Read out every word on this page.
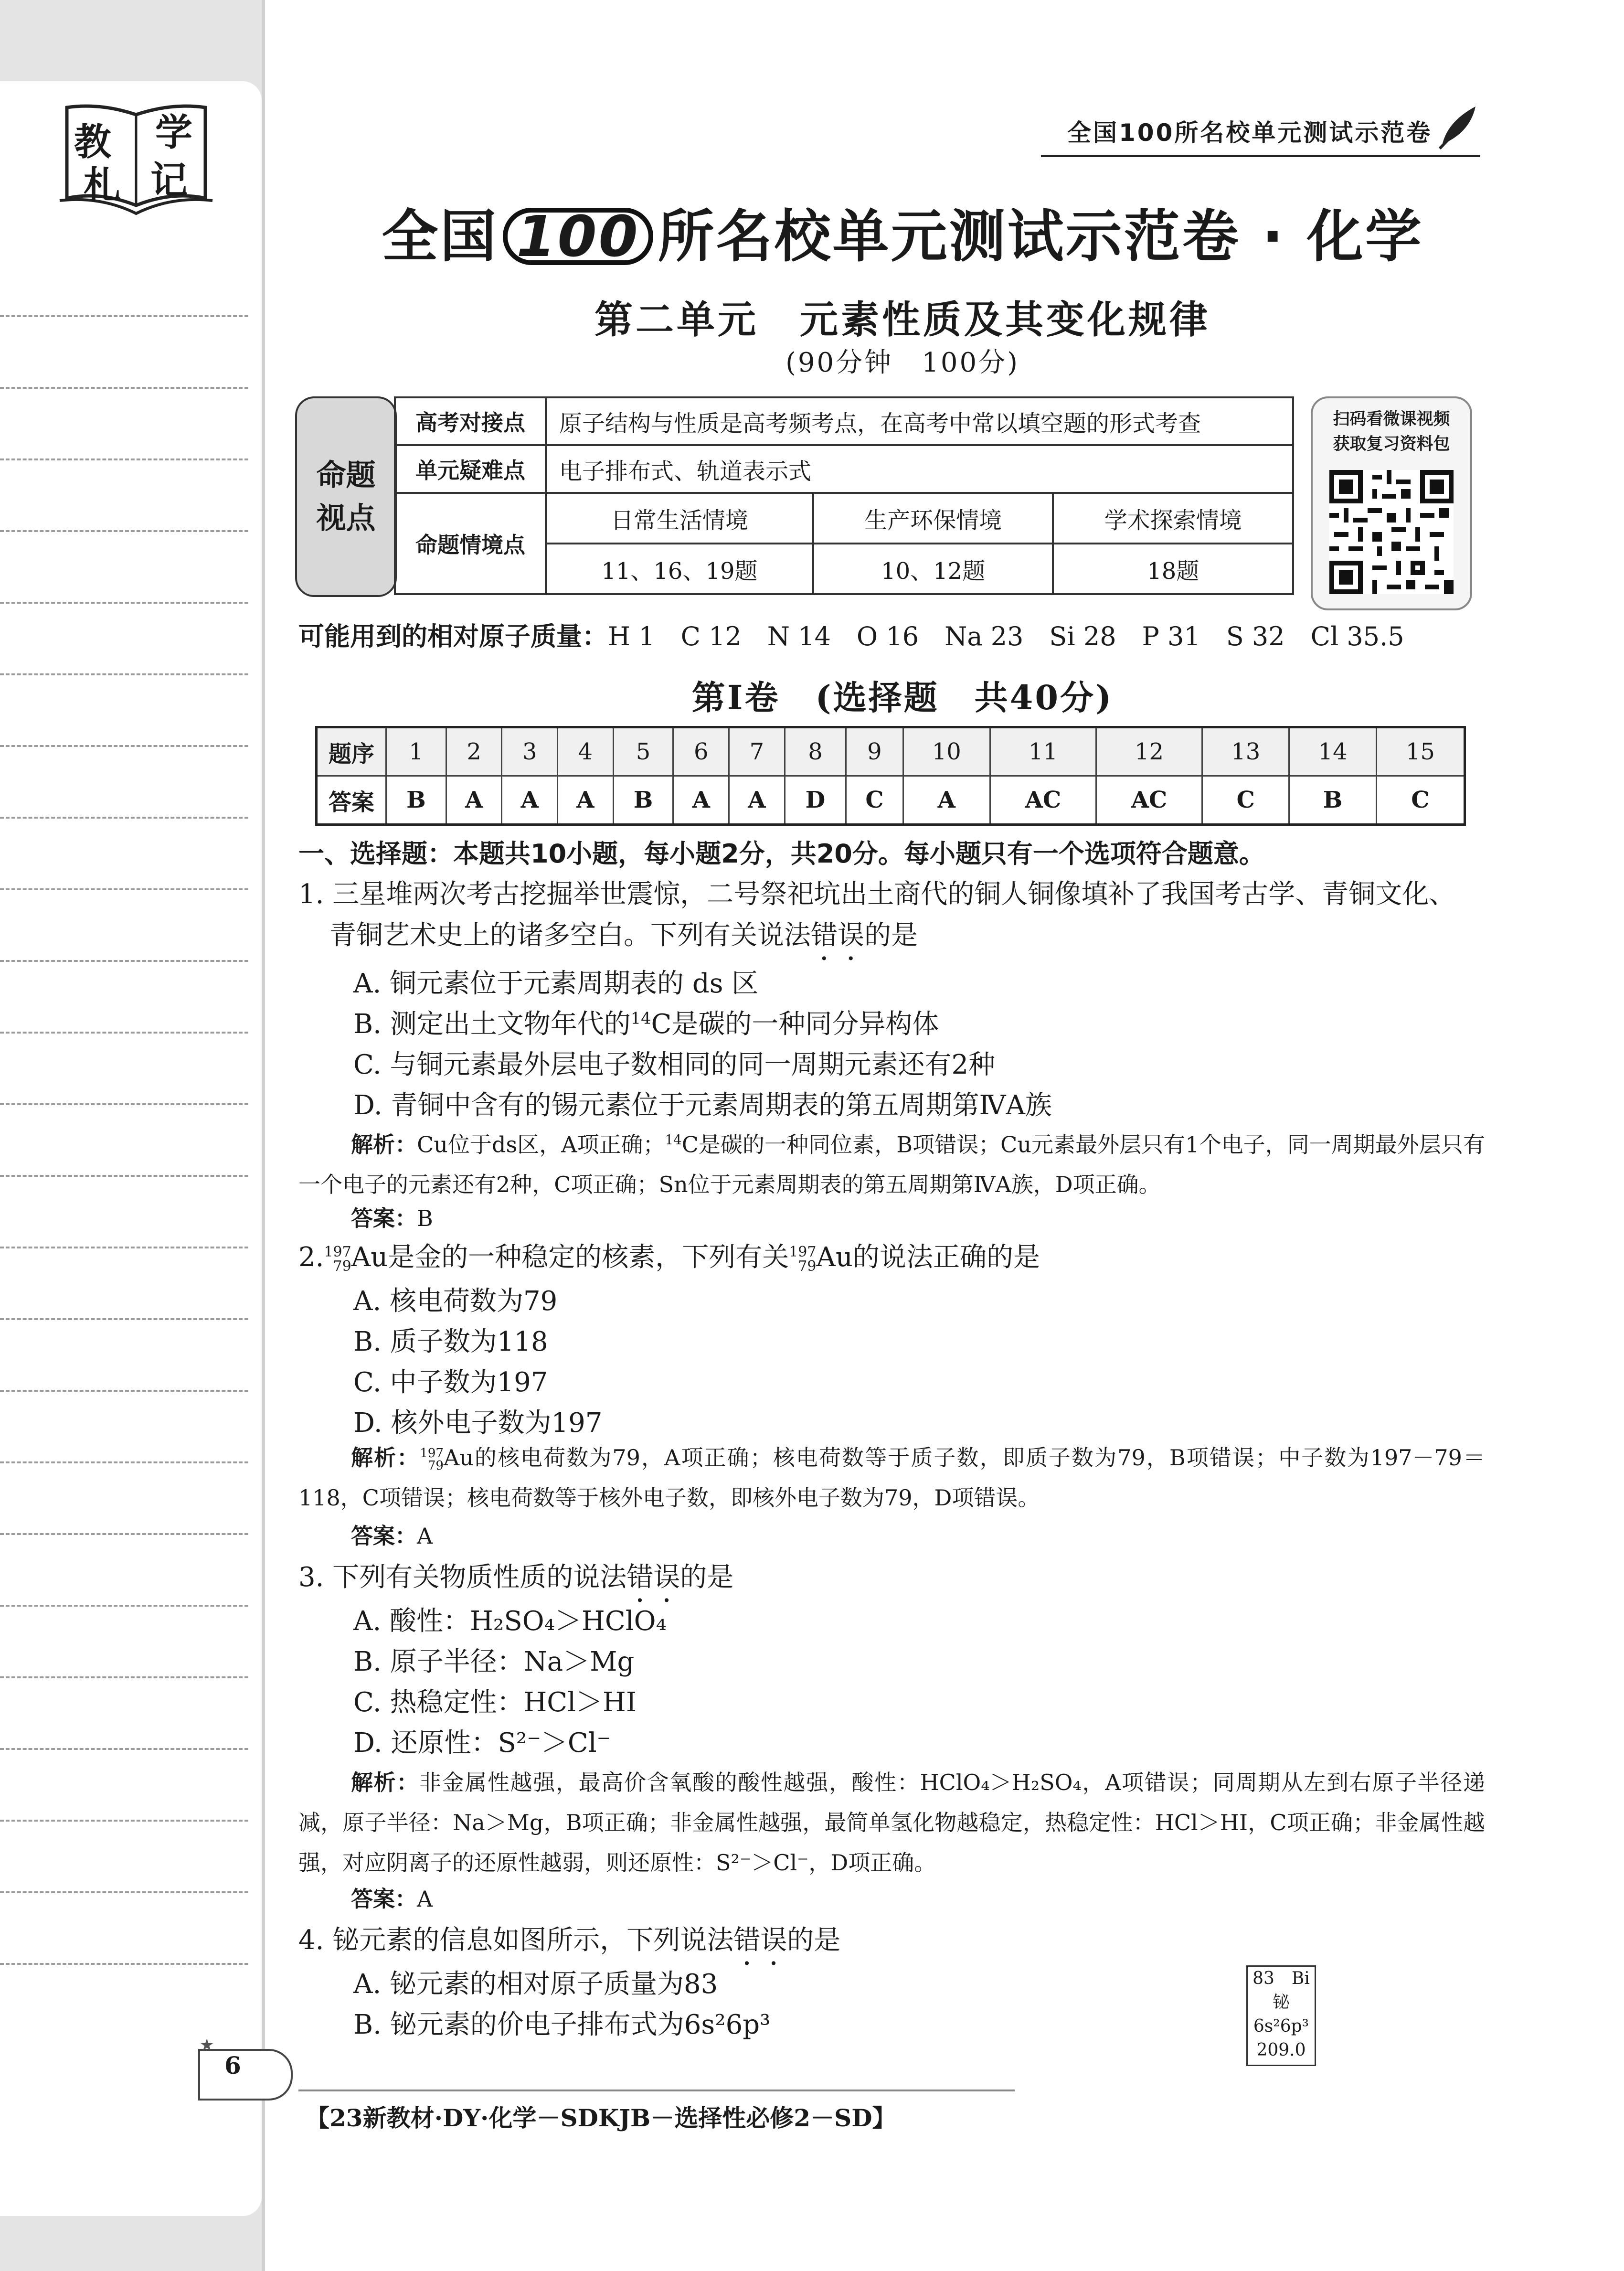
教 学
札 记
全国100所名校单元测试示范卷
全国 100 所名校单元测试示范卷 · 化学
第二单元　元素性质及其变化规律
(90分钟　100分)
命题视点
高考对接点	原子结构与性质是高考频考点，在高考中常以填空题的形式考查		
单元疑难点	电子排布式、轨道表示式		
命题情境点	日常生活情境	生产环保情境	学术探索情境
	11、16、19题	10、12题	18题
扫码看微课视频
获取复习资料包
可能用到的相对原子质量：H 1　C 12　N 14　O 16　Na 23　Si 28　P 31　S 32　Cl 35.5
第Ⅰ卷　(选择题　共40分)
题序	1	2	3	4	5	6	7	8	9	10	11	12	13	14	15
答案	B	A	A	A	B	A	A	D	C	A	AC	AC	C	B	C
一、选择题：本题共10小题，每小题2分，共20分。每小题只有一个选项符合题意。
1. 三星堆两次考古挖掘举世震惊，二号祭祀坑出土商代的铜人铜像填补了我国考古学、青铜文化、
青铜艺术史上的诸多空白。下列有关说法错误的是
A. 铜元素位于元素周期表的 ds 区
B. 测定出土文物年代的$^{14}$C是碳的一种同分异构体
C. 与铜元素最外层电子数相同的同一周期元素还有2种
D. 青铜中含有的锡元素位于元素周期表的第五周期第ⅣA族
解析：Cu位于ds区，A项正确；$^{14}$C是碳的一种同位素，B项错误；Cu元素最外层只有1个电子，同一周期最外层只有一个电子的元素还有2种，C项正确；Sn位于元素周期表的第五周期第ⅣA族，D项正确。
答案：B
2.197
79Au是金的一种稳定的核素，下列有关197
79Au的说法正确的是
A. 核电荷数为79
B. 质子数为118
C. 中子数为197
D. 核外电子数为197
解析：197
79Au的核电荷数为79，A项正确；核电荷数等于质子数，即质子数为79，B项错误；中子数为197－79＝118，C项错误；核电荷数等于核外电子数，即核外电子数为79，D项错误。
答案：A
3. 下列有关物质性质的说法错误的是
A. 酸性：H₂SO₄＞HClO₄
B. 原子半径：Na＞Mg
C. 热稳定性：HCl＞HI
D. 还原性：S²⁻＞Cl⁻
解析：非金属性越强，最高价含氧酸的酸性越强，酸性：HClO₄＞H₂SO₄，A项错误；同周期从左到右原子半径递减，原子半径：Na＞Mg，B项正确；非金属性越强，最简单氢化物越稳定，热稳定性：HCl＞HI，C项正确；非金属性越强，对应阴离子的还原性越弱，则还原性：S²⁻＞Cl⁻，D项正确。
答案：A
4. 铋元素的信息如图所示，下列说法错误的是
A. 铋元素的相对原子质量为83
B. 铋元素的价电子排布式为6s²6p³
83　Bi
铋
6s²6p³
209.0
★
6
【23新教材·DY·化学－SDKJB－选择性必修2－SD】
